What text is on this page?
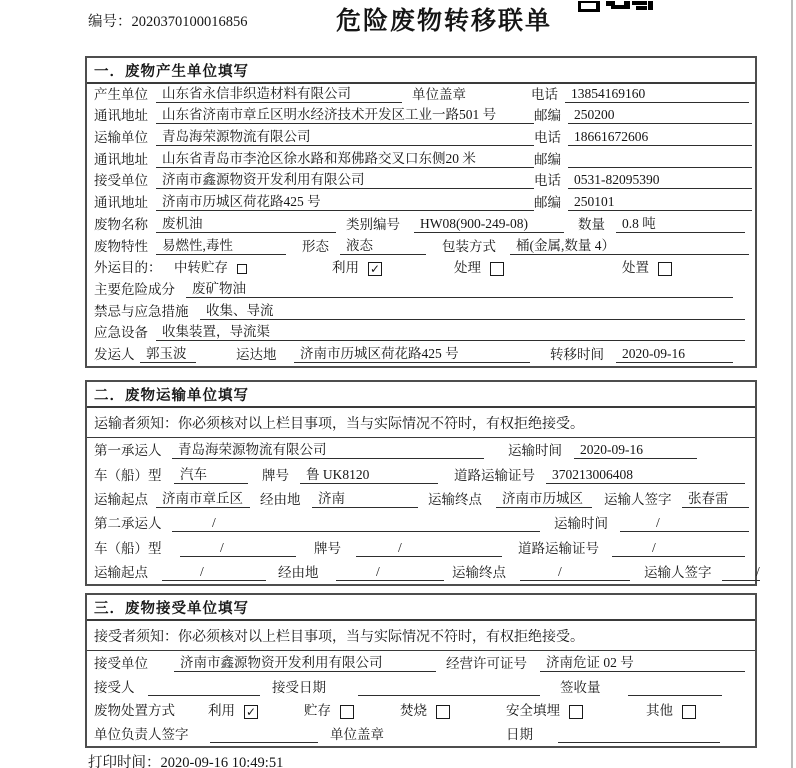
编号：2020370100016856	危险废物转移联单
一．废物产生单位填写
产生单位	山东省永信非织造材料有限公司	单位盖章	电话 13854169160
通讯地址	山东省济南市章丘区明水经济技术开发区工业一路501 号	邮编 250200
运输单位	青岛海荣源物流有限公司	电话 18661672606
通讯地址	山东省青岛市李沧区徐水路和郑佛路交叉口东侧20 米	邮编
接受单位	济南市鑫源物资开发利用有限公司	电话 0531-82095390
通讯地址	济南市历城区荷花路425 号	邮编 250101
废物名称	废机油	类别编号	HW08(900-249-08)	数量	0.8 吨
废物特性	易燃性,毒性	形态	液态	包装方式	桶(金属,数量 4）
外运目的： 中转贮存	利用 ✓	处理	处置
主要危险成分	废矿物油
禁忌与应急措施	收集、导流
应急设备	收集装置，导流渠
发运人 郭玉波	运达地	济南市历城区荷花路425 号	转移时间	2020-09-16
二．废物运输单位填写
运输者须知：你必须核对以上栏目事项，当与实际情况不符时，有权拒绝接受。
第一承运人	青岛海荣源物流有限公司	运输时间	2020-09-16
车（船）型	汽车	牌号	鲁 UK8120	道路运输证号	370213006408
运输起点	济南市章丘区	经由地	济南	运输终点	济南市历城区	运输人签字	张春雷
第二承运人	/	运输时间	/
车（船）型	/	牌号	/	道路运输证号	/
运输起点	/	经由地	/	运输终点	/	运输人签字	/
三．废物接受单位填写
接受者须知：你必须核对以上栏目事项，当与实际情况不符时，有权拒绝接受。
接受单位	济南市鑫源物资开发利用有限公司	经营许可证号	济南危证 02 号
接受人	接受日期	签收量
废物处置方式	利用 ✓	贮存	焚烧	安全填埋	其他
单位负责人签字	单位盖章	日期
打印时间：2020-09-16 10:49:51
